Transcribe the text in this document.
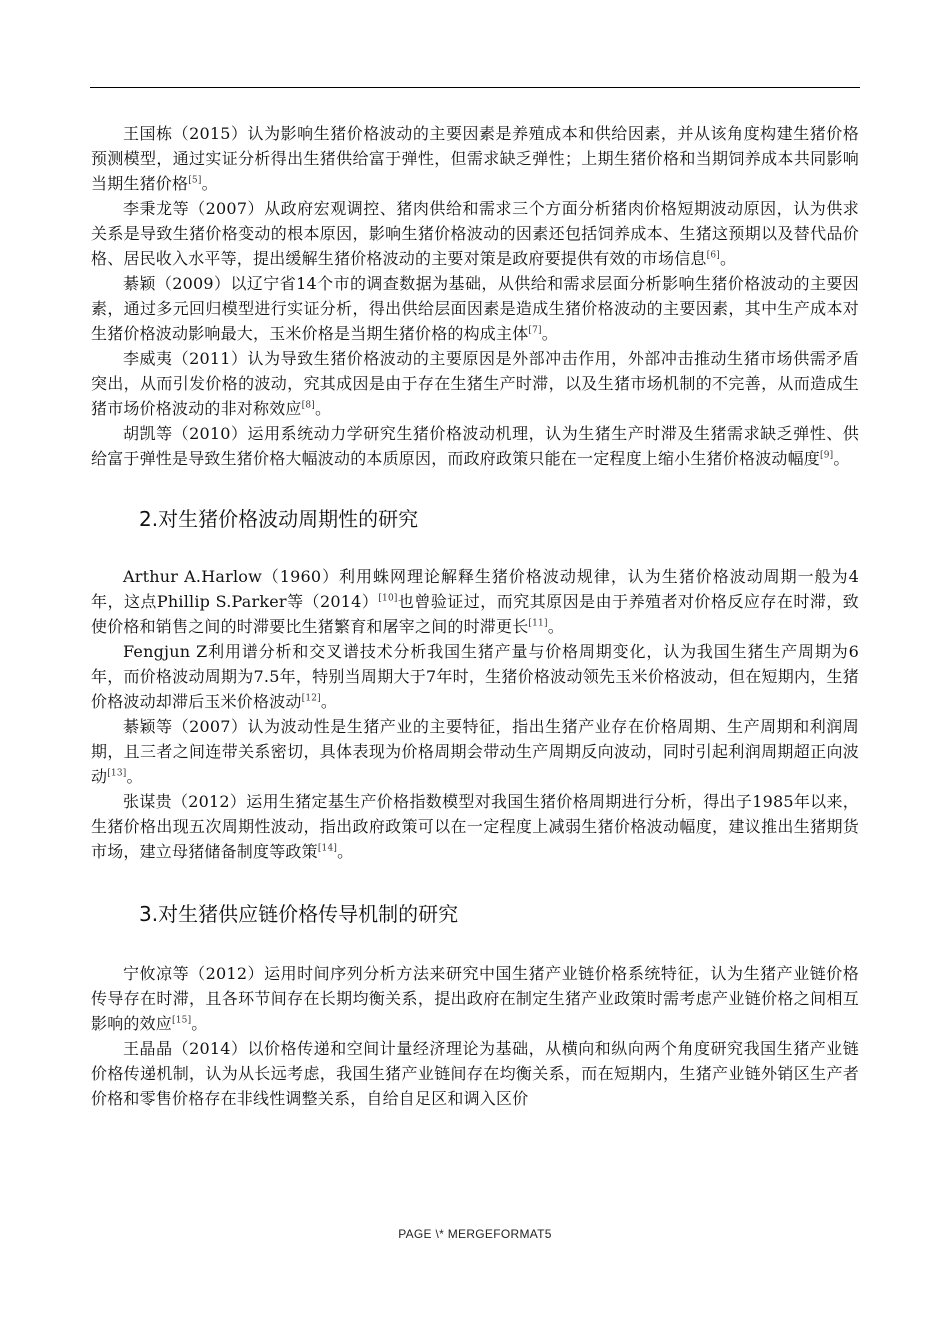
王国栋（2015）认为影响生猪价格波动的主要因素是养殖成本和供给因素，并从该角度构建生猪价格预测模型，通过实证分析得出生猪供给富于弹性，但需求缺乏弹性；上期生猪价格和当期饲养成本共同影响当期生猪价格[5]。

李秉龙等（2007）从政府宏观调控、猪肉供给和需求三个方面分析猪肉价格短期波动原因，认为供求关系是导致生猪价格变动的根本原因，影响生猪价格波动的因素还包括饲养成本、生猪这预期以及替代品价格、居民收入水平等，提出缓解生猪价格波动的主要对策是政府要提供有效的市场信息[6]。

綦颖（2009）以辽宁省14个市的调查数据为基础，从供给和需求层面分析影响生猪价格波动的主要因素，通过多元回归模型进行实证分析，得出供给层面因素是造成生猪价格波动的主要因素，其中生产成本对生猪价格波动影响最大，玉米价格是当期生猪价格的构成主体[7]。

李威夷（2011）认为导致生猪价格波动的主要原因是外部冲击作用，外部冲击推动生猪市场供需矛盾突出，从而引发价格的波动，究其成因是由于存在生猪生产时滞，以及生猪市场机制的不完善，从而造成生猪市场价格波动的非对称效应[8]。

胡凯等（2010）运用系统动力学研究生猪价格波动机理，认为生猪生产时滞及生猪需求缺乏弹性、供给富于弹性是导致生猪价格大幅波动的本质原因，而政府政策只能在一定程度上缩小生猪价格波动幅度[9]。

2.对生猪价格波动周期性的研究

Arthur A.Harlow（1960）利用蛛网理论解释生猪价格波动规律，认为生猪价格波动周期一般为4年，这点Phillip S.Parker等（2014）[10]也曾验证过，而究其原因是由于养殖者对价格反应存在时滞，致使价格和销售之间的时滞要比生猪繁育和屠宰之间的时滞更长[11]。

Fengjun Z利用谱分析和交叉谱技术分析我国生猪产量与价格周期变化，认为我国生猪生产周期为6年，而价格波动周期为7.5年，特别当周期大于7年时，生猪价格波动领先玉米价格波动，但在短期内，生猪价格波动却滞后玉米价格波动[12]。

綦颖等（2007）认为波动性是生猪产业的主要特征，指出生猪产业存在价格周期、生产周期和利润周期，且三者之间连带关系密切，具体表现为价格周期会带动生产周期反向波动，同时引起利润周期超正向波动[13]。

张谋贵（2012）运用生猪定基生产价格指数模型对我国生猪价格周期进行分析，得出子1985年以来，生猪价格出现五次周期性波动，指出政府政策可以在一定程度上减弱生猪价格波动幅度，建议推出生猪期货市场，建立母猪储备制度等政策[14]。

3.对生猪供应链价格传导机制的研究

宁攸凉等（2012）运用时间序列分析方法来研究中国生猪产业链价格系统特征，认为生猪产业链价格传导存在时滞，且各环节间存在长期均衡关系，提出政府在制定生猪产业政策时需考虑产业链价格之间相互影响的效应[15]。

王晶晶（2014）以价格传递和空间计量经济理论为基础，从横向和纵向两个角度研究我国生猪产业链价格传递机制，认为从长远考虑，我国生猪产业链间存在均衡关系，而在短期内，生猪产业链外销区生产者价格和零售价格存在非线性调整关系，自给自足区和调入区价

PAGE \* MERGEFORMAT5
